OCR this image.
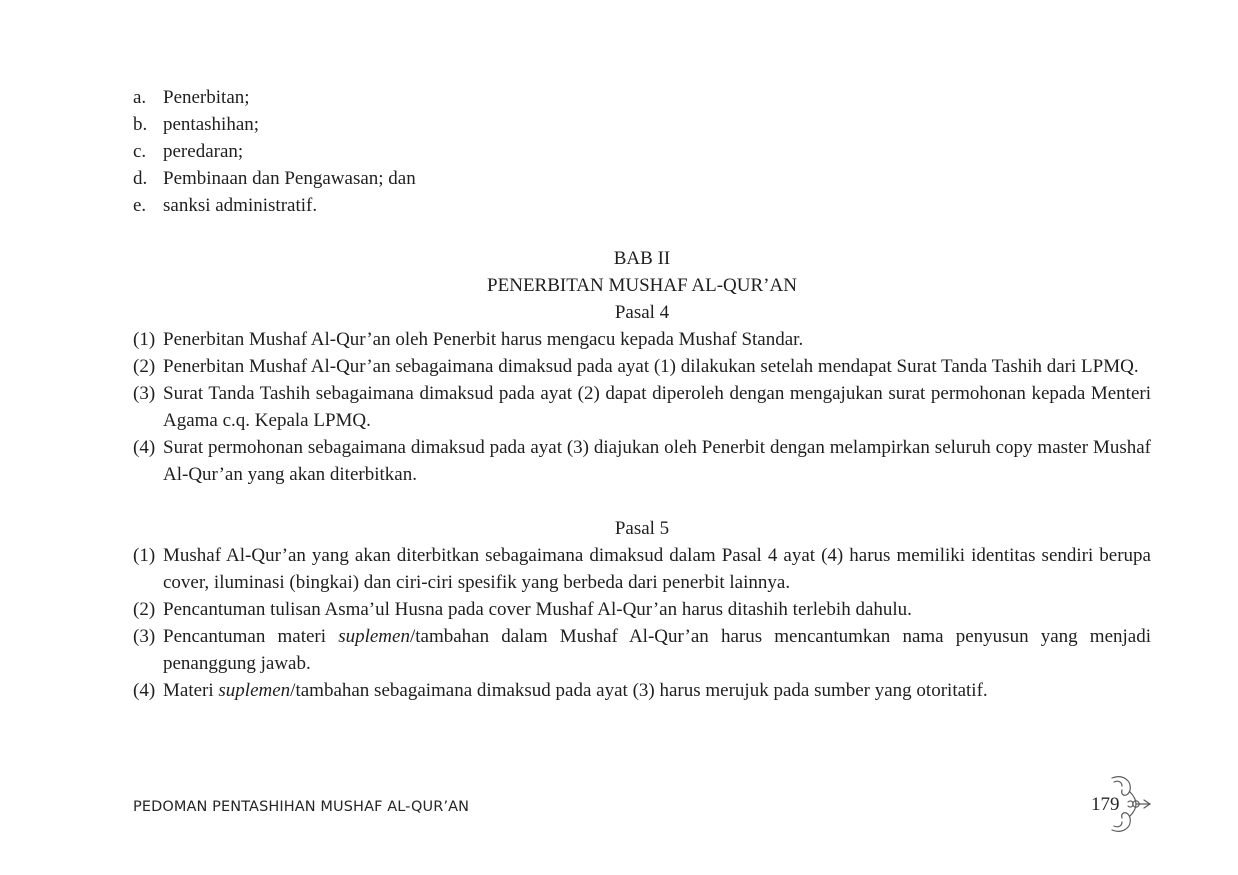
a. Penerbitan;
b. pentashihan;
c. peredaran;
d. Pembinaan dan Pengawasan; dan
e. sanksi administratif.
BAB II
PENERBITAN MUSHAF AL-QUR’AN
Pasal 4
(1) Penerbitan Mushaf Al-Qur’an oleh Penerbit harus mengacu kepada Mushaf Standar.
(2) Penerbitan Mushaf Al-Qur’an sebagaimana dimaksud pada ayat (1) dilakukan setelah mendapat Surat Tanda Tashih dari LPMQ.
(3) Surat Tanda Tashih sebagaimana dimaksud pada ayat (2) dapat diperoleh dengan mengajukan surat permohonan kepada Menteri Agama c.q. Kepala LPMQ.
(4) Surat permohonan sebagaimana dimaksud pada ayat (3) diajukan oleh Penerbit dengan melampirkan seluruh copy master Mushaf Al-Qur’an yang akan diterbitkan.
Pasal 5
(1) Mushaf Al-Qur’an yang akan diterbitkan sebagaimana dimaksud dalam Pasal 4 ayat (4) harus memiliki identitas sendiri berupa cover, iluminasi (bingkai) dan ciri-ciri spesifik yang berbeda dari penerbit lainnya.
(2) Pencantuman tulisan Asma’ul Husna pada cover Mushaf Al-Qur’an harus ditashih terlebih dahulu.
(3) Pencantuman materi suplemen/tambahan dalam Mushaf Al-Qur’an harus mencantumkan nama penyusun yang menjadi penanggung jawab.
(4) Materi suplemen/tambahan sebagaimana dimaksud pada ayat (3) harus merujuk pada sumber yang otoritatif.
PEDOMAN PENTASHIHAN MUSHAF AL-QUR’AN	179
